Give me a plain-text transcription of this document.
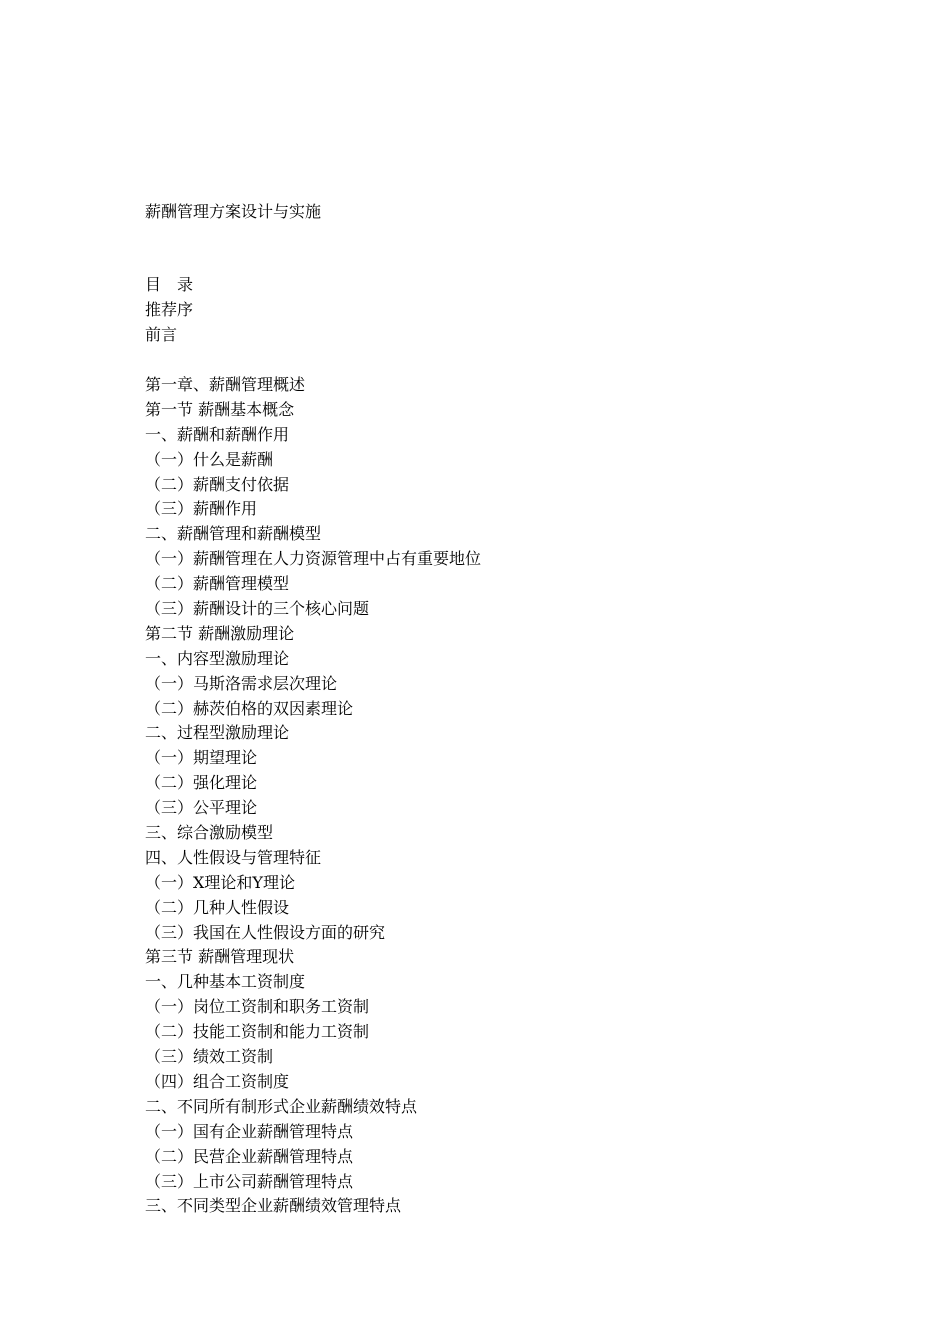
薪酬管理方案设计与实施
目　录
推荐序
前言
第一章、薪酬管理概述
第一节 薪酬基本概念
一、薪酬和薪酬作用
（一）什么是薪酬
（二）薪酬支付依据
（三）薪酬作用
二、薪酬管理和薪酬模型
（一）薪酬管理在人力资源管理中占有重要地位
（二）薪酬管理模型
（三）薪酬设计的三个核心问题
第二节 薪酬激励理论
一、内容型激励理论
（一）马斯洛需求层次理论
（二）赫茨伯格的双因素理论
二、过程型激励理论
（一）期望理论
（二）强化理论
（三）公平理论
三、综合激励模型
四、人性假设与管理特征
（一）X理论和Y理论
（二）几种人性假设
（三）我国在人性假设方面的研究
第三节 薪酬管理现状
一、几种基本工资制度
（一）岗位工资制和职务工资制
（二）技能工资制和能力工资制
（三）绩效工资制
（四）组合工资制度
二、不同所有制形式企业薪酬绩效特点
（一）国有企业薪酬管理特点
（二）民营企业薪酬管理特点
（三）上市公司薪酬管理特点
三、不同类型企业薪酬绩效管理特点
